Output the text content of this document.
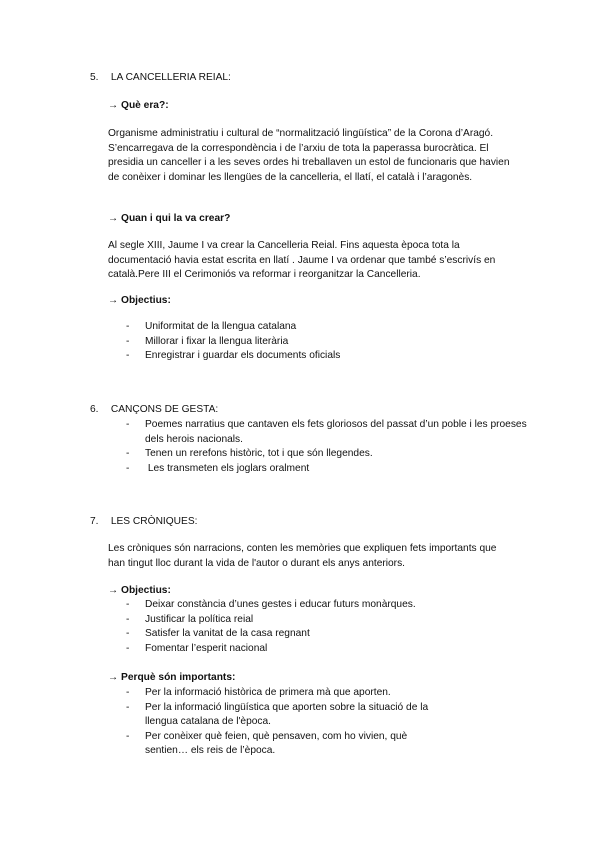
5. LA CANCELLERIA REIAL:
→ Què era?:

Organisme administratiu i cultural de “normalització lingüística” de la Corona d’Aragó. S’encarregava de la correspondència i de l’arxiu de tota la paperassa burocràtica. El presidia un canceller i a les seves ordes hi treballaven un estol de funcionaris que havien de conèixer i dominar les llengües de la cancelleria, el llatí, el català i l’aragonès.

→ Quan i qui la va crear?

Al segle XIII, Jaume I va crear la Cancelleria Reial. Fins aquesta època tota la documentació havia estat escrita en llatí . Jaume I va ordenar que també s’escrivís en català.Pere III el Cerimoniós va reformar i reorganitzar la Cancelleria.

→ Objectius:
- Uniformitat de la llengua catalana
- Millorar i fixar la llengua literària
- Enregistrar i guardar els documents oficials
6. CANÇONS DE GESTA:
- Poemes narratius que cantaven els fets gloriosos del passat d’un poble i les proeses dels herois nacionals.
- Tenen un rerefons històric, tot i que són llegendes.
- Les transmeten els joglars oralment
7. LES CRÒNIQUES:

Les cròniques són narracions, conten les memòries que expliquen fets importants que han tingut lloc durant la vida de l'autor o durant els anys anteriors.

→ Objectius:
- Deixar constància d’unes gestes i educar futurs monàrques.
- Justificar la política reial
- Satisfer la vanitat de la casa regnant
- Fomentar l’esperit nacional
→ Perquè són importants:
- Per la informació històrica de primera mà que aporten.
- Per la informació lingüística que aporten sobre la situació de la llengua catalana de l'època.
- Per conèixer què feien, què pensaven, com ho vivien, què sentien… els reis de l’època.
